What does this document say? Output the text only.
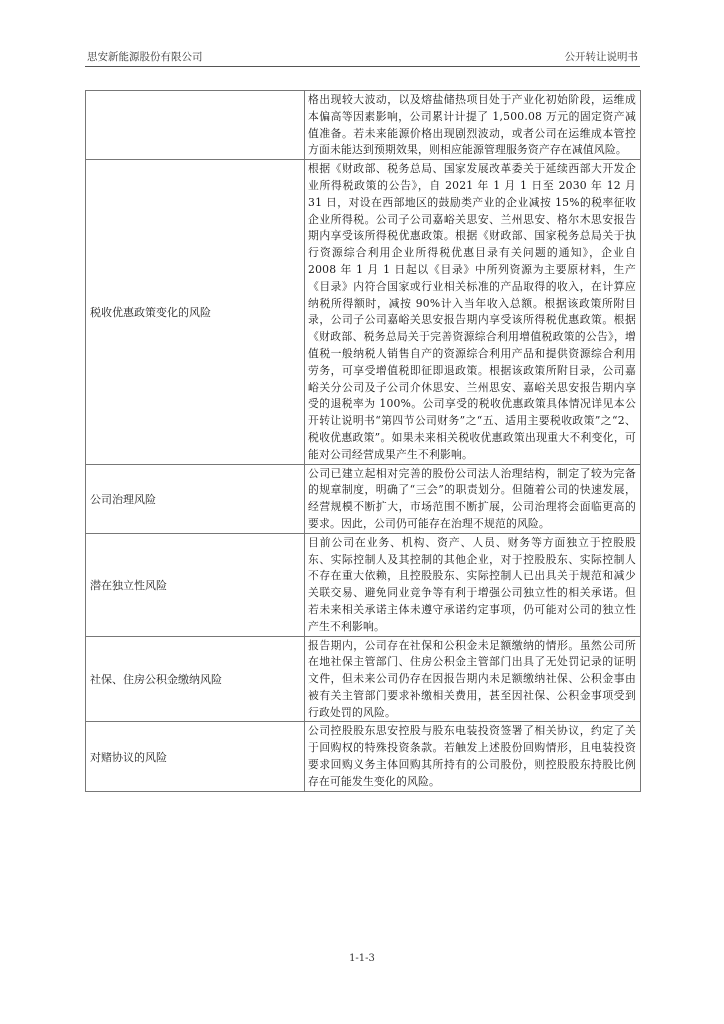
思安新能源股份有限公司	公开转让说明书
	格出现较大波动，以及熔盐储热项目处于产业化初始阶段，运维成本偏高等因素影响，公司累计计提了 1,500.08 万元的固定资产减值准备。若未来能源价格出现剧烈波动，或者公司在运维成本管控方面未能达到预期效果，则相应能源管理服务资产存在减值风险。
税收优惠政策变化的风险	根据《财政部、税务总局、国家发展改革委关于延续西部大开发企业所得税政策的公告》，自 2021 年 1 月 1 日至 2030 年 12 月 31 日，对设在西部地区的鼓励类产业的企业减按 15%的税率征收企业所得税。公司子公司嘉峪关思安、兰州思安、格尔木思安报告期内享受该所得税优惠政策。根据《财政部、国家税务总局关于执行资源综合利用企业所得税优惠目录有关问题的通知》，企业自 2008 年 1 月 1 日起以《目录》中所列资源为主要原材料，生产《目录》内符合国家或行业相关标准的产品取得的收入，在计算应纳税所得额时，减按 90%计入当年收入总额。根据该政策所附目录，公司子公司嘉峪关思安报告期内享受该所得税优惠政策。根据《财政部、税务总局关于完善资源综合利用增值税政策的公告》，增值税一般纳税人销售自产的资源综合利用产品和提供资源综合利用劳务，可享受增值税即征即退政策。根据该政策所附目录，公司嘉峪关分公司及子公司介休思安、兰州思安、嘉峪关思安报告期内享受的退税率为 100%。公司享受的税收优惠政策具体情况详见本公开转让说明书“第四节公司财务”之“五、适用主要税收政策”之“2、税收优惠政策”。如果未来相关税收优惠政策出现重大不利变化，可能对公司经营成果产生不利影响。
公司治理风险	公司已建立起相对完善的股份公司法人治理结构，制定了较为完备的规章制度，明确了“三会”的职责划分。但随着公司的快速发展，经营规模不断扩大，市场范围不断扩展，公司治理将会面临更高的要求。因此，公司仍可能存在治理不规范的风险。
潜在独立性风险	目前公司在业务、机构、资产、人员、财务等方面独立于控股股东、实际控制人及其控制的其他企业，对于控股股东、实际控制人不存在重大依赖，且控股股东、实际控制人已出具关于规范和减少关联交易、避免同业竞争等有利于增强公司独立性的相关承诺。但若未来相关承诺主体未遵守承诺约定事项，仍可能对公司的独立性产生不利影响。
社保、住房公积金缴纳风险	报告期内，公司存在社保和公积金未足额缴纳的情形。虽然公司所在地社保主管部门、住房公积金主管部门出具了无处罚记录的证明文件，但未来公司仍存在因报告期内未足额缴纳社保、公积金事由被有关主管部门要求补缴相关费用，甚至因社保、公积金事项受到行政处罚的风险。
对赌协议的风险	公司控股股东思安控股与股东电装投资签署了相关协议，约定了关于回购权的特殊投资条款。若触发上述股份回购情形，且电装投资要求回购义务主体回购其所持有的公司股份，则控股股东持股比例存在可能发生变化的风险。
1-1-3
